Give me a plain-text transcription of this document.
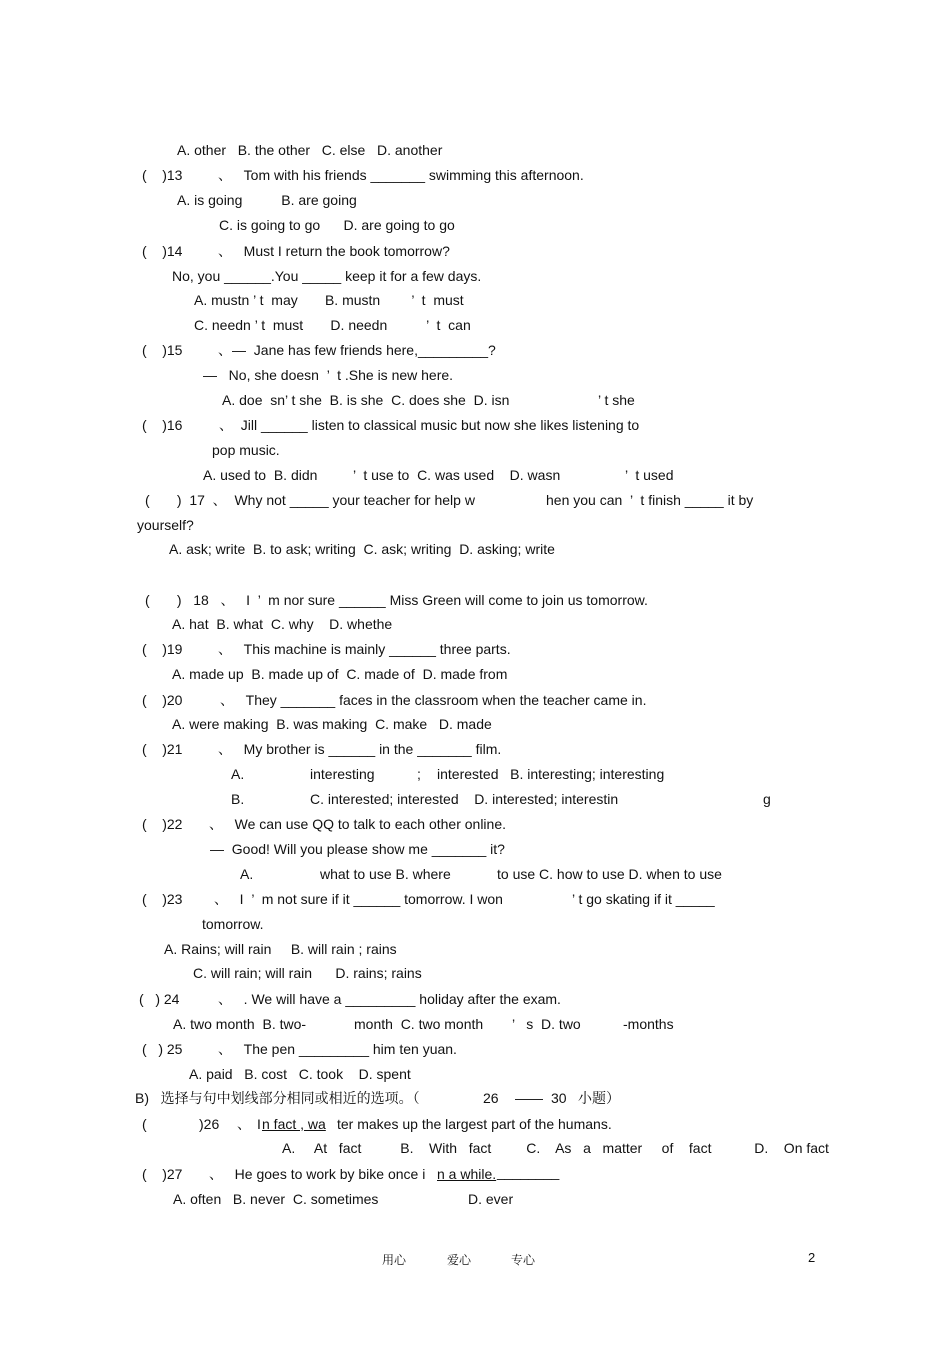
A. other   B. the other   C. else   D. another
(    )13	、   Tom with his friends _______ swimming this afternoon.
A. is going          B. are going
C. is going to go      D. are going to go
(    )14	、   Must I return the book tomorrow?
No, you ______.You _____ keep it for a few days.
A. mustn ’ t  may       B. mustn        ’  t  must
C. needn ’ t  must       D. needn          ’  t  can
(    )15	、—  Jane has few friends here,_________?
—   No, she doesn  ’  t .She is new here.
A. doe  sn’ t she  B. is she  C. does she  D. isn	’ t she
(    )16	、  Jill ______ listen to classical music but now she likes listening to
pop music.
A. used to  B. didn	’  t use to  C. was used    D. wasn	’  t used
(       )  17  、  Why not _____ your teacher for help w	hen you can  ’  t finish _____ it by
yourself?
A. ask; write  B. to ask; writing  C. ask; writing  D. asking; write
(       )   18   、   I  ’  m nor sure ______ Miss Green will come to join us tomorrow.
A. hat  B. what  C. why    D. whethe
(    )19	、   This machine is mainly ______ three parts.
A. made up  B. made up of  C. made of  D. made from
(    )20	、   They _______ faces in the classroom when the teacher came in.
A. were making  B. was making  C. make   D. made
(    )21	、   My brother is ______ in the _______ film.
A.	interesting	; interested   B. interesting; interesting
B.	C. interested; interested    D. interested; interestin	g
(    )22 、   We can use QQ to talk to each other online.
—  Good! Will you please show me _______ it?
A.	what to use B. where	to use C. how to use D. when to use
(    )23 、   I  ’  m not sure if it ______ tomorrow. I won	’ t go skating if it _____
tomorrow.
A. Rains; will rain     B. will rain ; rains
C. will rain; will rain      D. rains; rains
(   ) 24	、   . We will have a _________ holiday after the exam.
A. two month  B. two-	month  C. two month ’   s  D. two	-months
(   ) 25	、   The pen _________ him ten yuan.
A. paid   B. cost   C. took    D. spent
B)   选择与句中划线部分相同或相近的选项。（	26 —— 30 小题）
(	)26 、 I n fact , wa ter makes up the largest part of the humans.
A.     At   fact          B.    With   fact         C.    As   a   matter     of    fact           D.    On fact
(    )27 、   He goes to work by bike once i n a while. ________
A. often   B. never  C. sometimes	D. ever
用心	爱心	专心	2
